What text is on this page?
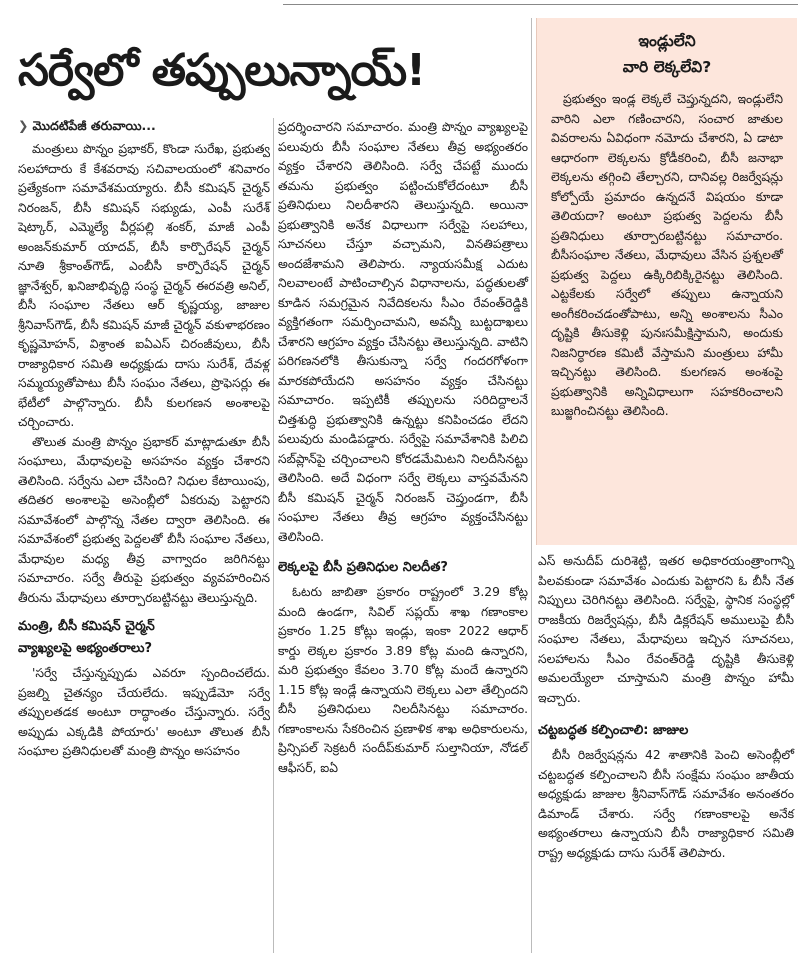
సర్వేలో తప్పులున్నాయ్!
❯ మొదటిపేజీ తరువాయి...

మంత్రులు పొన్నం ప్రభాకర్, కొండా సురేఖ, ప్రభుత్వ సలహాదారు కే కేశవరావు సచివాలయంలో శనివారం ప్రత్యేకంగా సమావేశమయ్యారు. బీసీ కమిషన్ చైర్మన్ నిరంజన్, బీసీ కమిషన్ సభ్యుడు, ఎంపీ సురేశ్ షెట్కార్, ఎమ్మెల్యే వీర్లపల్లి శంకర్, మాజీ ఎంపీ అంజన్‌కుమార్ యాదవ్, బీసీ కార్పొరేషన్ చైర్మన్ నూతి శ్రీకాంత్‌గౌడ్, ఎంబీసీ కార్పొరేషన్ చైర్మన్ జ్ఞానేశ్వర్, ఖనిజాభివృద్ధి సంస్థ చైర్మన్ ఈరవత్రి అనిల్, బీసీ సంఘాల నేతలు ఆర్ కృష్ణయ్య, జాజుల శ్రీనివాస్‌గౌడ్, బీసీ కమిషన్ మాజీ చైర్మన్ వకుళాభరణం కృష్ణమోహన్, విశ్రాంత ఐఏఎస్ చిరంజీవులు, బీసీ రాజ్యాధికార సమితి అధ్యక్షుడు దాసు సురేశ్, దేవళ్ల సమ్మయ్యతోపాటు బీసీ సంఘం నేతలు, ప్రొఫెసర్లు ఈ భేటీలో పాల్గొన్నారు. బీసీ కులగణన అంశాలపై చర్చించారు.

తొలుత మంత్రి పొన్నం ప్రభాకర్ మాట్లాడుతూ బీసీ సంఘాలు, మేధావులపై అసహనం వ్యక్తం చేశారని తెలిసింది. సర్వేను ఎలా చేసింది? నిధుల కేటాయింపు, తదితర అంశాలపై అసెంబ్లీలో ఏకరువు పెట్టారని సమావేశంలో పాల్గొన్న నేతల ద్వారా తెలిసింది. ఈ సమావేశంలో ప్రభుత్వ పెద్దలతో బీసీ సంఘాల నేతలు, మేధావుల మధ్య తీవ్ర వాగ్వాదం జరిగినట్టు సమాచారం. సర్వే తీరుపై ప్రభుత్వం వ్యవహరించిన తీరును మేధావులు తూర్పారబట్టినట్టు తెలుస్తున్నది.

మంత్రి, బీసీ కమిషన్ చైర్మన్
వ్యాఖ్యలపై అభ్యంతరాలు?

'సర్వే చేస్తున్నప్పుడు ఎవరూ స్పందించలేదు. ప్రజల్ని చైతన్యం చేయలేదు. ఇప్పుడేమో సర్వే తప్పులతడక అంటూ రాద్ధాంతం చేస్తున్నారు. సర్వే అప్పుడు ఎక్కడికి పోయారు' అంటూ తొలుత బీసీ సంఘాల ప్రతినిధులతో మంత్రి పొన్నం అసహనం

ప్రదర్శించారని సమాచారం. మంత్రి పొన్నం వ్యాఖ్యలపై పలువురు బీసీ సంఘాల నేతలు తీవ్ర అభ్యంతరం వ్యక్తం చేశారని తెలిసింది. సర్వే చేపట్టే ముందు తమను ప్రభుత్వం పట్టించుకోలేదంటూ బీసీ ప్రతినిధులు నిలదీశారని తెలుస్తున్నది. అయినా ప్రభుత్వానికి అనేక విధాలుగా సర్వేపై సలహాలు, సూచనలు చేస్తూ వచ్చామని, వినతిపత్రాలు అందజేశామని తెలిపారు. న్యాయసమీక్ష ఎదుట నిలవాలంటే పాటించాల్సిన విధానాలను, పద్ధతులతో కూడిన సమగ్రమైన నివేదికలను సీఎం రేవంత్‌రెడ్డికి వ్యక్తిగతంగా సమర్పించామని, అవన్నీ బుట్టదాఖలు చేశారని ఆగ్రహం వ్యక్తం చేసినట్టు తెలుస్తున్నది. వాటిని పరిగణనలోకి తీసుకున్నా సర్వే గందరగోళంగా మారకపోయేదని అసహనం వ్యక్తం చేసినట్టు సమాచారం. ఇప్పటికీ తప్పులను సరిదిద్దాలనే చిత్తశుద్ధి ప్రభుత్వానికి ఉన్నట్టు కనిపించడం లేదని పలువురు మండిపడ్డారు. సర్వేపై సమావేశానికి పిలిచి సబ్‌ప్లాన్‌పై చర్చించాలని కోరడమేమిటని నిలదీసినట్టు తెలిసింది. అదే విధంగా సర్వే లెక్కలు వాస్తవమేనని బీసీ కమిషన్ చైర్మన్ నిరంజన్ చెప్తుండగా, బీసీ సంఘాల నేతలు తీవ్ర ఆగ్రహం వ్యక్తంచేసినట్టు తెలిసింది.

లెక్కలపై బీసీ ప్రతినిధుల నిలదీత?

ఓటరు జాబితా ప్రకారం రాష్ట్రంలో 3.29 కోట్ల మంది ఉండగా, సివిల్ సప్లయ్ శాఖ గణాంకాల ప్రకారం 1.25 కోట్లు ఇండ్లు, ఇంకా 2022 ఆధార్ కార్డు లెక్కల ప్రకారం 3.89 కోట్ల మంది ఉన్నారని, మరి ప్రభుత్వం కేవలం 3.70 కోట్ల మందే ఉన్నారని 1.15 కోట్ల ఇండ్లే ఉన్నాయని లెక్కలు ఎలా తేల్చిందని బీసీ ప్రతినిధులు నిలదీసినట్టు సమాచారం. గణాంకాలను సేకరించిన ప్రణాళిక శాఖ అధికారులను, ప్రిన్సిపల్ సెక్రటరీ సందీప్‌కుమార్ సుల్తానియా, నోడల్ ఆఫీసర్, ఐఏ

ఇండ్లులేని
వారి లెక్కలేవి?

ప్రభుత్వం ఇండ్ల లెక్కలే చెప్తున్నదని, ఇండ్లులేని వారిని ఎలా గణించారని, సంచార జాతుల వివరాలను ఏవిధంగా నమోదు చేశారని, ఏ డాటా ఆధారంగా లెక్కలను క్రోడీకరించి, బీసీ జనాభా లెక్కలను తగ్గించి తేల్చారని, దానివల్ల రిజర్వేషన్లు కోల్పోయే ప్రమాదం ఉన్నదనే విషయం కూడా తెలియదా? అంటూ ప్రభుత్వ పెద్దలను బీసీ ప్రతినిధులు తూర్పారబట్టినట్టు సమాచారం. బీసీసంఘాల నేతలు, మేధావులు వేసిన ప్రశ్నలతో ప్రభుత్వ పెద్దలు ఉక్కిరిబిక్కిరైనట్టు తెలిసింది. ఎట్టకేలకు సర్వేలో తప్పులు ఉన్నాయని అంగీకరించడంతోపాటు, అన్ని అంశాలను సీఎం దృష్టికి తీసుకెళ్లి పునఃసమీక్షిస్తామని, అందుకు నిజనిర్ధారణ కమిటీ వేస్తామని మంత్రులు హామీ ఇచ్చినట్టు తెలిసింది. కులగణన అంశంపై ప్రభుత్వానికి అన్నివిధాలుగా సహకరించాలని బుజ్జగించినట్టు తెలిసింది.

ఎస్ అనుదీప్ దురిశెట్టి, ఇతర అధికారయంత్రాంగాన్ని పిలవకుండా సమావేశం ఎందుకు పెట్టారని ఓ బీసీ నేత నిప్పులు చెరిగినట్టు తెలిసింది. సర్వేపై, స్థానిక సంస్థల్లో రాజకీయ రిజర్వేషన్లు, బీసీ డిక్లరేషన్ అములుపై బీసీ సంఘాల నేతలు, మేధావులు ఇచ్చిన సూచనలు, సలహాలను సీఎం రేవంత్‌రెడ్డి దృష్టికి తీసుకెళ్లి అమలయ్యేలా చూస్తామని మంత్రి పొన్నం హామీ ఇచ్చారు.

చట్టబద్ధత కల్పించాలి: జాజుల

బీసీ రిజర్వేషన్లను 42 శాతానికి పెంచి అసెంబ్లీలో చట్టబద్ధత కల్పించాలని బీసీ సంక్షేమ సంఘం జాతీయ అధ్యక్షుడు జాజుల శ్రీనివాస్‌గౌడ్ సమావేశం అనంతరం డిమాండ్ చేశారు. సర్వే గణాంకాలపై అనేక అభ్యంతరాలు ఉన్నాయని బీసీ రాజ్యాధికార సమితి రాష్ట్ర అధ్యక్షుడు దాసు సురేశ్ తెలిపారు.
